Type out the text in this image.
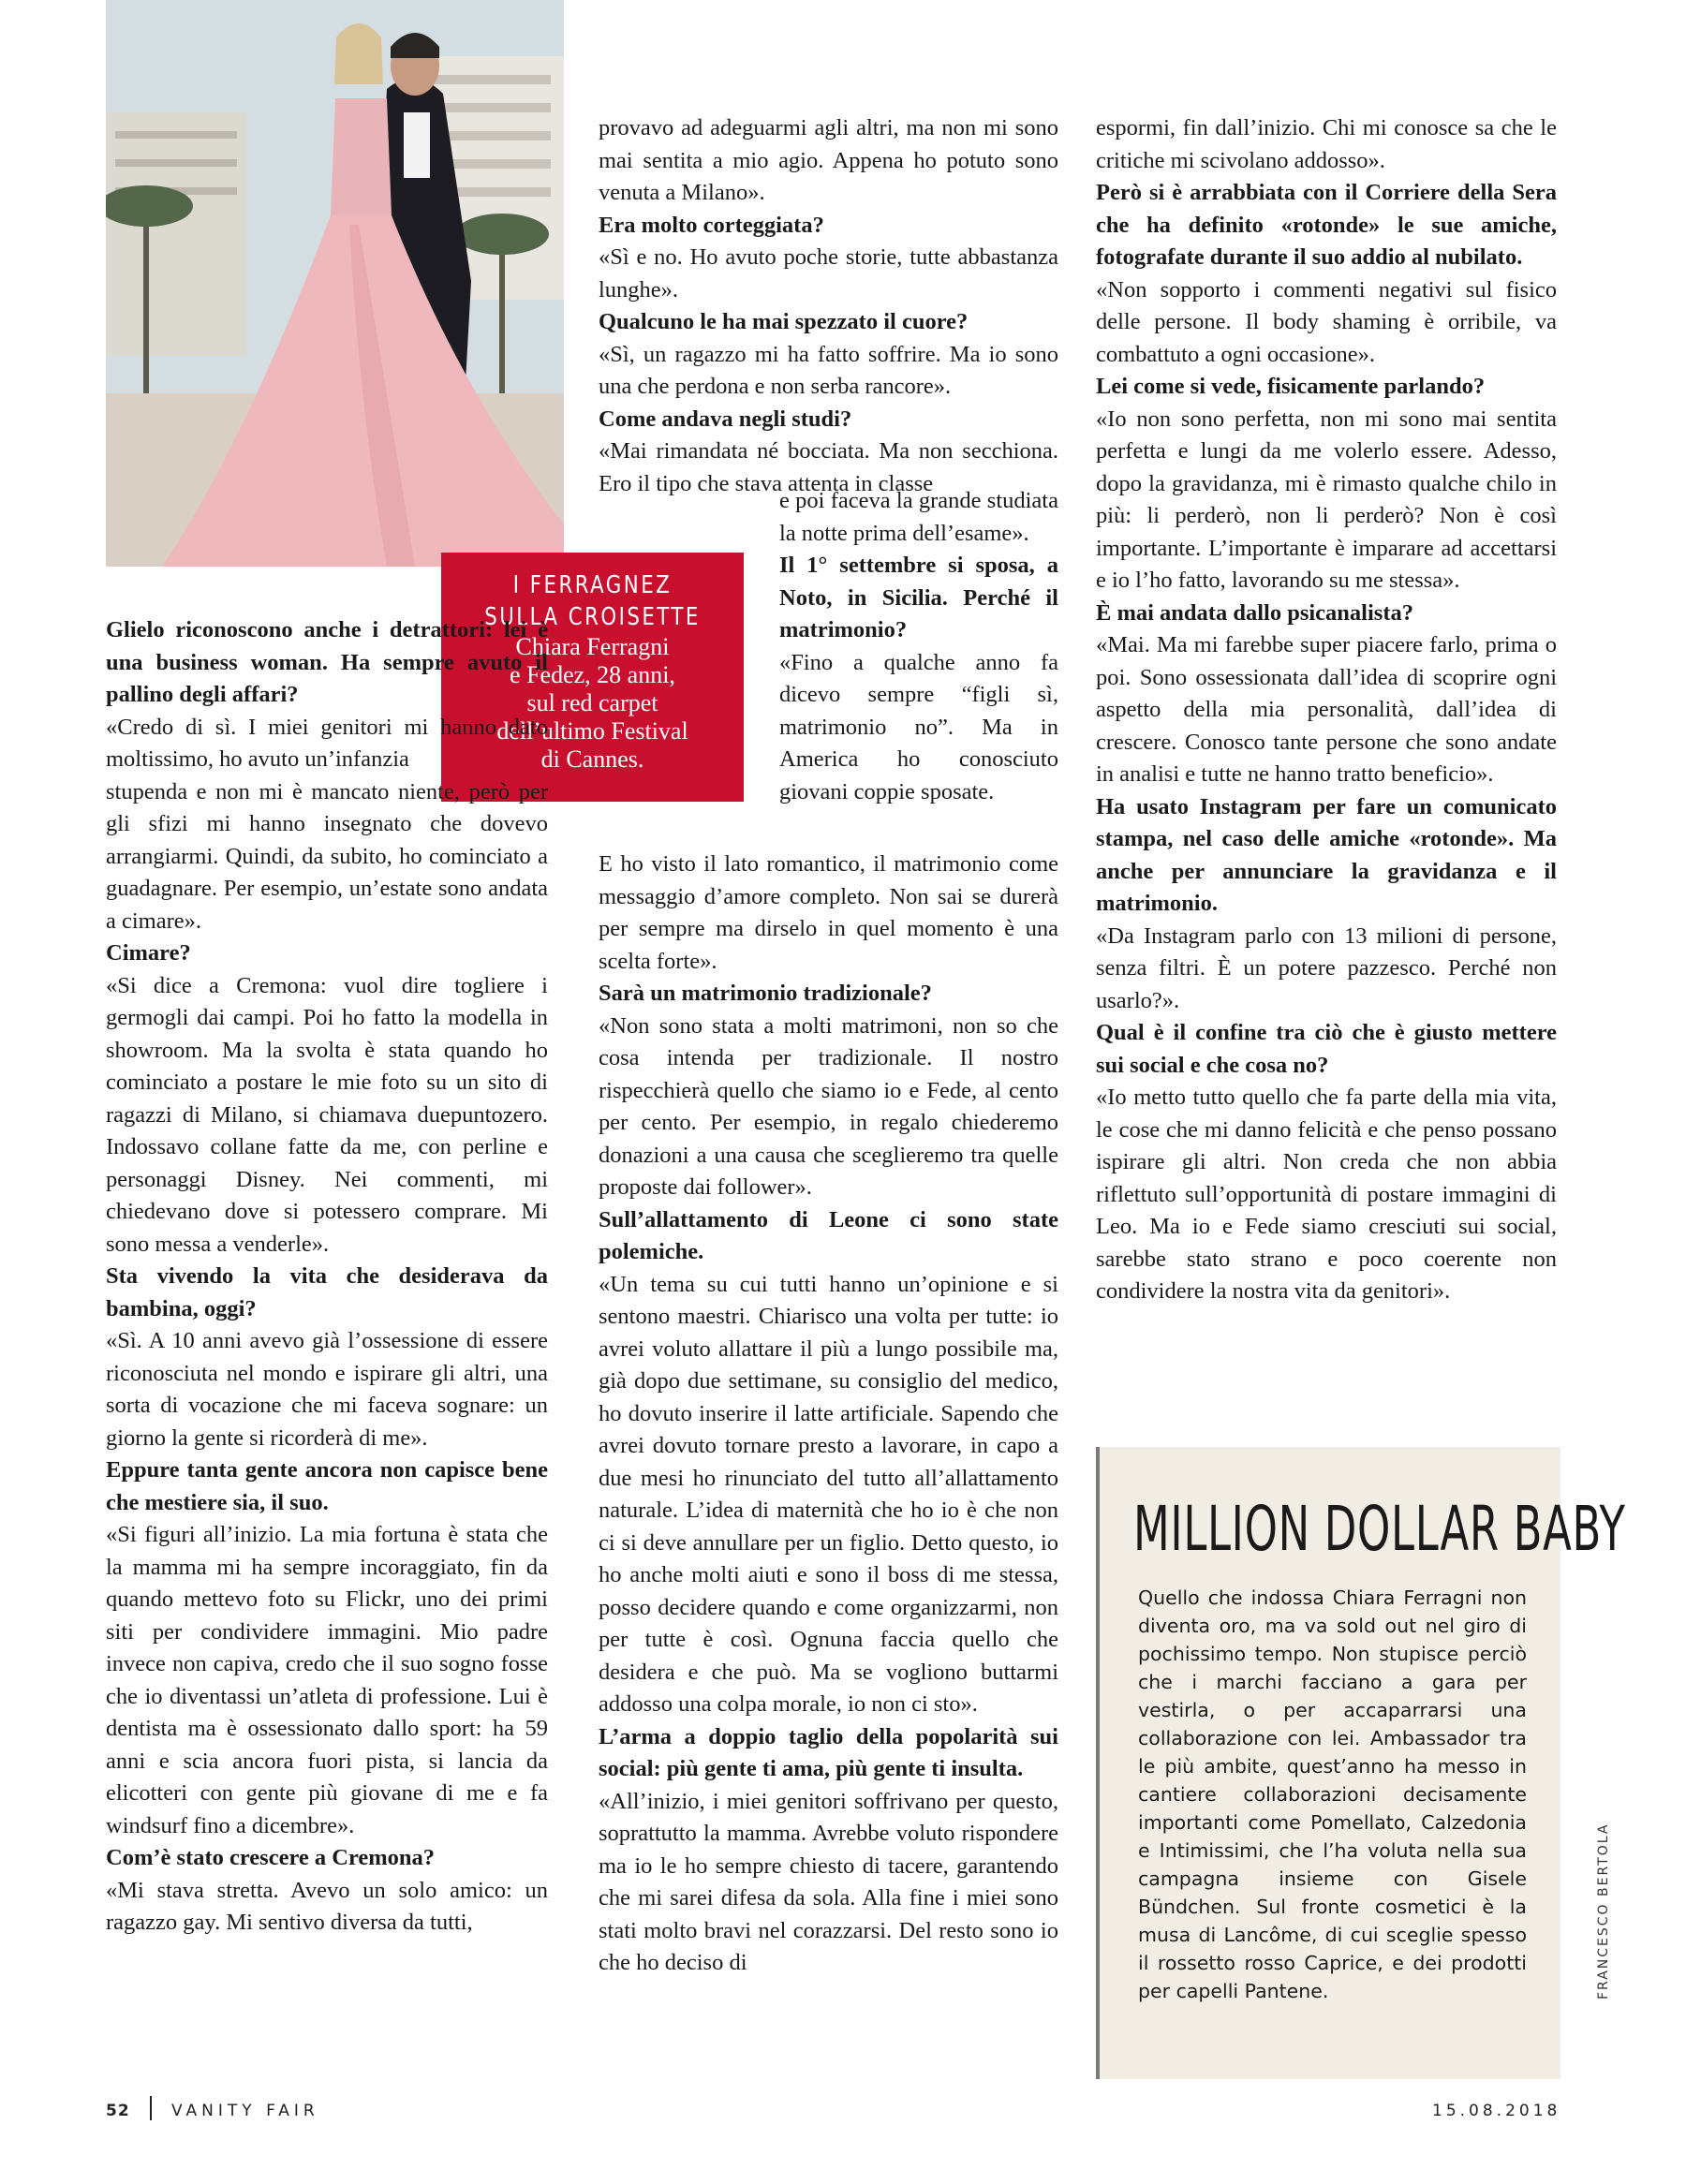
I FERRAGNEZ
SULLA CROISETTE
Chiara Ferragni
e Fedez, 28 anni,
sul red carpet
dell’ultimo Festival
di Cannes.

Glielo riconoscono anche i detrattori: lei è una business woman. Ha sempre avuto il pallino degli affari?

«Credo di sì. I miei genitori mi hanno dato moltissimo, ho avuto un’infanzia

stupenda e non mi è mancato niente, però per gli sfizi mi hanno insegnato che dovevo arrangiarmi. Quindi, da subito, ho cominciato a guadagnare. Per esempio, un’estate sono andata a cimare».

Cimare?

«Si dice a Cremona: vuol dire togliere i germogli dai campi. Poi ho fatto la modella in showroom. Ma la svolta è stata quando ho cominciato a postare le mie foto su un sito di ragazzi di Milano, si chiamava duepuntozero. Indossavo collane fatte da me, con perline e personaggi Disney. Nei commenti, mi chiedevano dove si potessero comprare. Mi sono messa a venderle».

Sta vivendo la vita che desiderava da bambina, oggi?

«Sì. A 10 anni avevo già l’ossessione di essere riconosciuta nel mondo e ispirare gli altri, una sorta di vocazione che mi faceva sognare: un giorno la gente si ricorderà di me».

Eppure tanta gente ancora non capisce bene che mestiere sia, il suo.

«Si figuri all’inizio. La mia fortuna è stata che la mamma mi ha sempre incoraggiato, fin da quando mettevo foto su Flickr, uno dei primi siti per condividere immagini. Mio padre invece non capiva, credo che il suo sogno fosse che io diventassi un’atleta di professione. Lui è dentista ma è ossessionato dallo sport: ha 59 anni e scia ancora fuori pista, si lancia da elicotteri con gente più giovane di me e fa windsurf fino a dicembre».

Com’è stato crescere a Cremona?

«Mi stava stretta. Avevo un solo amico: un ragazzo gay. Mi sentivo diversa da tutti,

provavo ad adeguarmi agli altri, ma non mi sono mai sentita a mio agio. Appena ho potuto sono venuta a Milano».

Era molto corteggiata?

«Sì e no. Ho avuto poche storie, tutte abbastanza lunghe».

Qualcuno le ha mai spezzato il cuore?

«Sì, un ragazzo mi ha fatto soffrire. Ma io sono una che perdona e non serba rancore».

Come andava negli studi?

«Mai rimandata né bocciata. Ma non secchiona. Ero il tipo che stava attenta in classe

e poi faceva la grande studiata la notte prima dell’esame».

Il 1° settembre si sposa, a Noto, in Sicilia. Perché il matrimonio?

«Fino a qualche anno fa dicevo sempre “figli sì, matrimonio no”. Ma in America ho conosciuto giovani coppie sposate.

E ho visto il lato romantico, il matrimonio come messaggio d’amore completo. Non sai se durerà per sempre ma dirselo in quel momento è una scelta forte».

Sarà un matrimonio tradizionale?

«Non sono stata a molti matrimoni, non so che cosa intenda per tradizionale. Il nostro rispecchierà quello che siamo io e Fede, al cento per cento. Per esempio, in regalo chiederemo donazioni a una causa che sceglieremo tra quelle proposte dai follower».

Sull’allattamento di Leone ci sono state polemiche.

«Un tema su cui tutti hanno un’opinione e si sentono maestri. Chiarisco una volta per tutte: io avrei voluto allattare il più a lungo possibile ma, già dopo due settimane, su consiglio del medico, ho dovuto inserire il latte artificiale. Sapendo che avrei dovuto tornare presto a lavorare, in capo a due mesi ho rinunciato del tutto all’allattamento naturale. L’idea di maternità che ho io è che non ci si deve annullare per un figlio. Detto questo, io ho anche molti aiuti e sono il boss di me stessa, posso decidere quando e come organizzarmi, non per tutte è così. Ognuna faccia quello che desidera e che può. Ma se vogliono buttarmi addosso una colpa morale, io non ci sto».

L’arma a doppio taglio della popolarità sui social: più gente ti ama, più gente ti insulta.

«All’inizio, i miei genitori soffrivano per questo, soprattutto la mamma. Avrebbe voluto rispondere ma io le ho sempre chiesto di tacere, garantendo che mi sarei difesa da sola. Alla fine i miei sono stati molto bravi nel corazzarsi. Del resto sono io che ho deciso di

espormi, fin dall’inizio. Chi mi conosce sa che le critiche mi scivolano addosso».

Però si è arrabbiata con il Corriere della Sera che ha definito «rotonde» le sue amiche, fotografate durante il suo addio al nubilato.

«Non sopporto i commenti negativi sul fisico delle persone. Il body shaming è orribile, va combattuto a ogni occasione».

Lei come si vede, fisicamente parlando?

«Io non sono perfetta, non mi sono mai sentita perfetta e lungi da me volerlo essere. Adesso, dopo la gravidanza, mi è rimasto qualche chilo in più: li perderò, non li perderò? Non è così importante. L’importante è imparare ad accettarsi e io l’ho fatto, lavorando su me stessa».

È mai andata dallo psicanalista?

«Mai. Ma mi farebbe super piacere farlo, prima o poi. Sono ossessionata dall’idea di scoprire ogni aspetto della mia personalità, dall’idea di crescere. Conosco tante persone che sono andate in analisi e tutte ne hanno tratto beneficio».

Ha usato Instagram per fare un comunicato stampa, nel caso delle amiche «rotonde». Ma anche per annunciare la gravidanza e il matrimonio.

«Da Instagram parlo con 13 milioni di persone, senza filtri. È un potere pazzesco. Perché non usarlo?».

Qual è il confine tra ciò che è giusto mettere sui social e che cosa no?

«Io metto tutto quello che fa parte della mia vita, le cose che mi danno felicità e che penso possano ispirare gli altri. Non creda che non abbia riflettuto sull’opportunità di postare immagini di Leo. Ma io e Fede siamo cresciuti sui social, sarebbe stato strano e poco coerente non condividere la nostra vita da genitori».

MILLION DOLLAR BABY
Quello che indossa Chiara Ferragni non diventa oro, ma va sold out nel giro di pochissimo tempo. Non stupisce perciò che i marchi facciano a gara per vestirla, o per accaparrarsi una collaborazione con lei. Ambassador tra le più ambite, quest’anno ha messo in cantiere collaborazioni decisamente importanti come Pomellato, Calzedonia e Intimissimi, che l’ha voluta nella sua campagna insieme con Gisele Bündchen. Sul fronte cosmetici è la musa di Lancôme, di cui sceglie spesso il rossetto rosso Caprice, e dei prodotti per capelli Pantene.	FRANCESCO BERTOLA
52	VANITY FAIR	15.08.2018
